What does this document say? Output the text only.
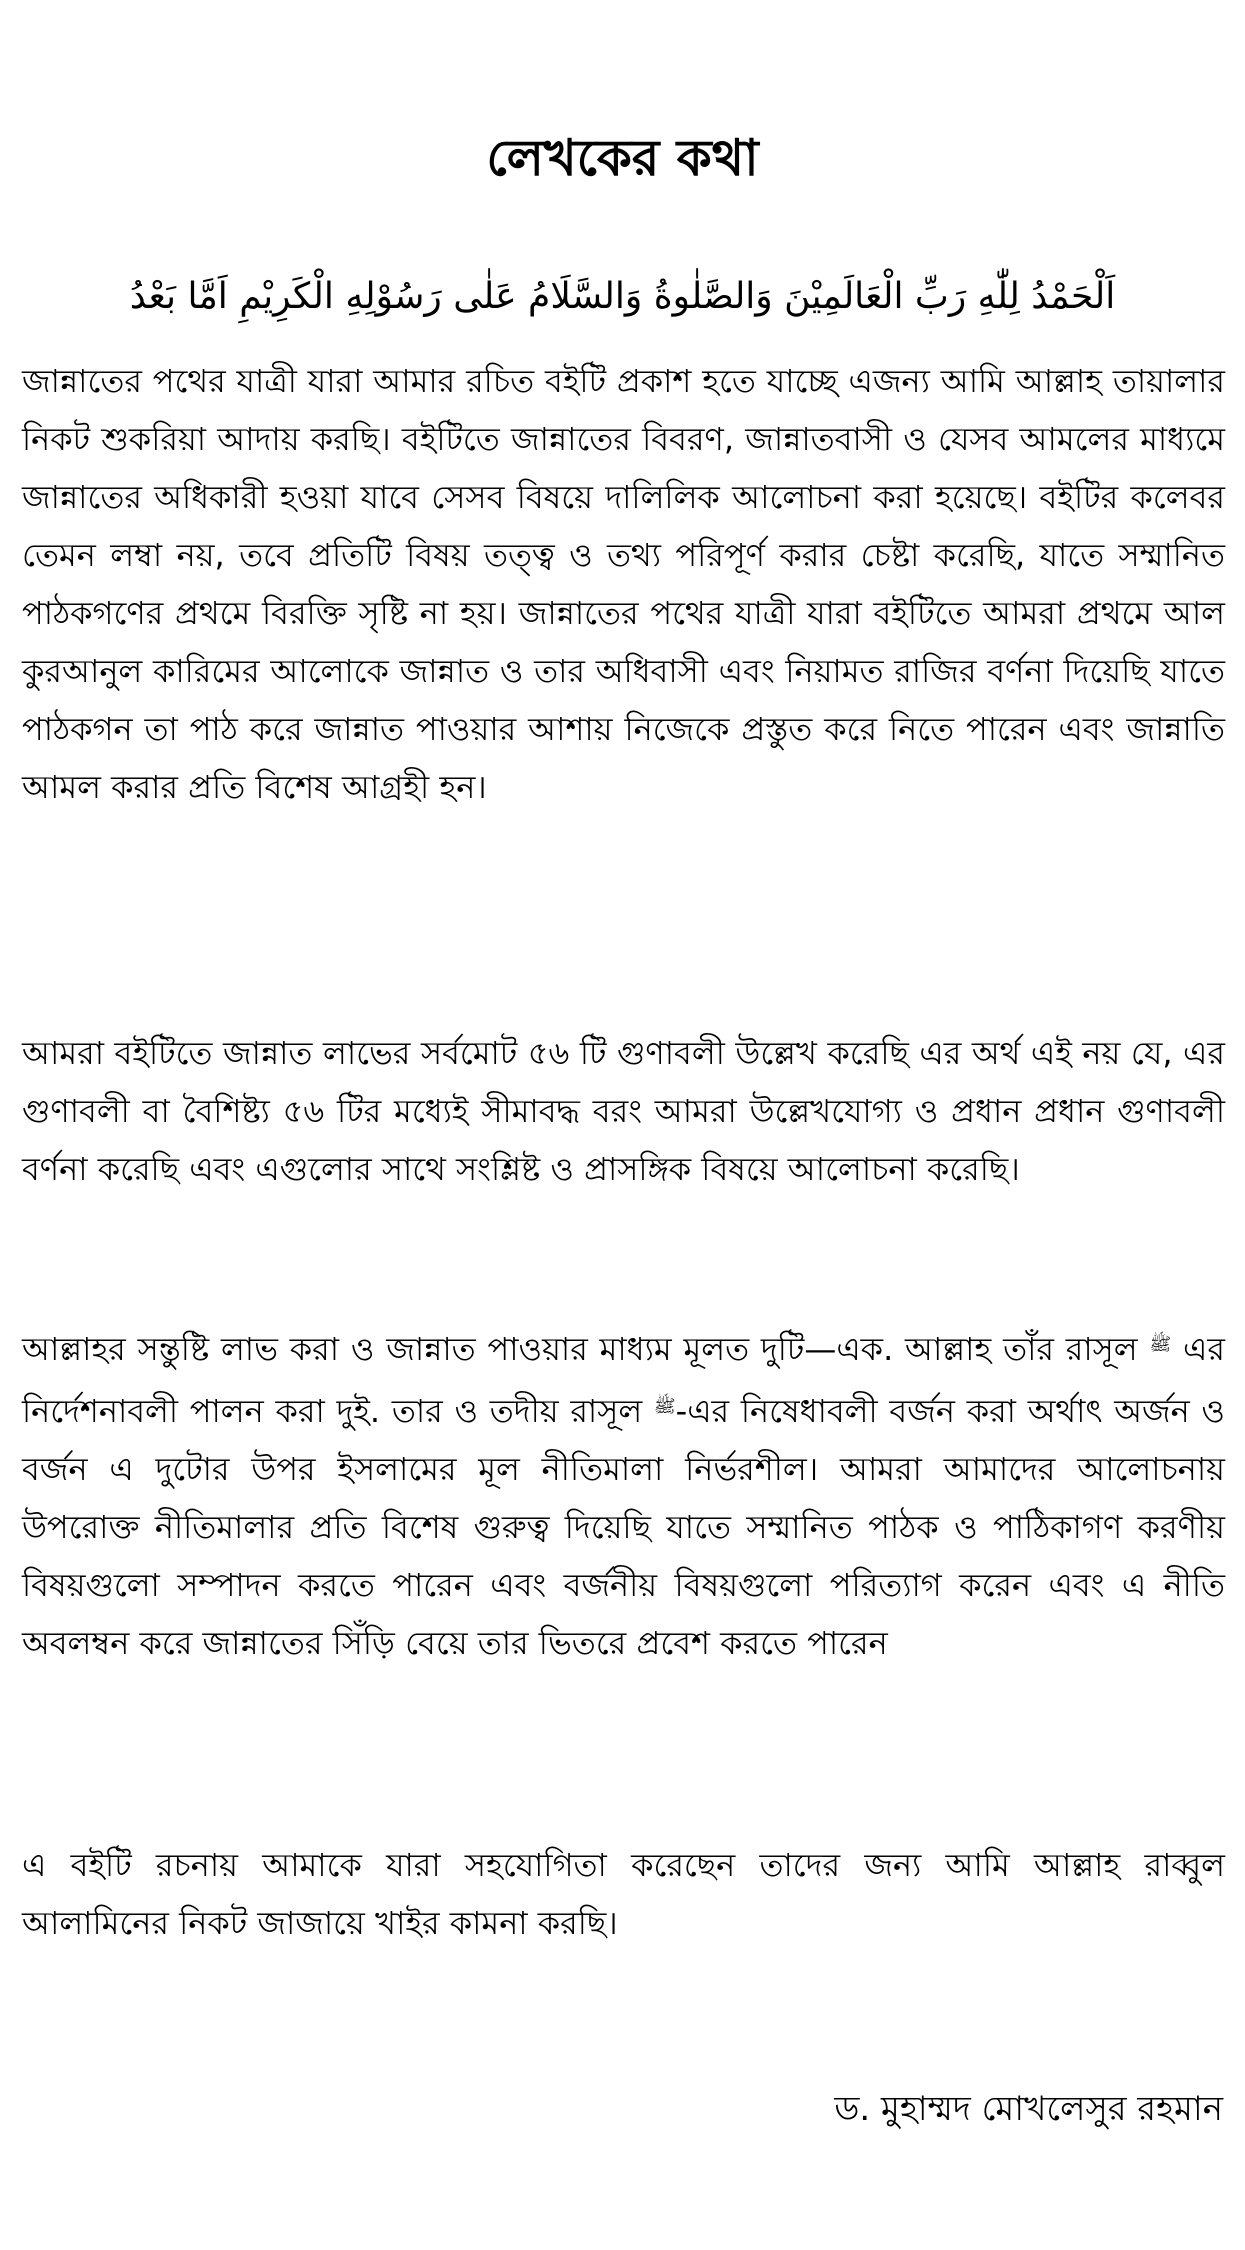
লেখকের কথা

اَلْحَمْدُ لِلّٰهِ رَبِّ الْعَالَمِيْنَ وَالصَّلٰوةُ وَالسَّلَامُ عَلٰى رَسُوْلِهِ الْكَرِيْمِ اَمَّا بَعْدُ

জান্নাতের পথের যাত্রী যারা আমার রচিত বইটি প্রকাশ হতে যাচ্ছে এজন্য আমি আল্লাহ তায়ালার নিকট শুকরিয়া আদায় করছি। বইটিতে জান্নাতের বিবরণ, জান্নাতবাসী ও যেসব আমলের মাধ্যমে জান্নাতের অধিকারী হওয়া যাবে সেসব বিষয়ে দালিলিক আলোচনা করা হয়েছে। বইটির কলেবর তেমন লম্বা নয়, তবে প্রতিটি বিষয় তত্ত্ব ও তথ্য পরিপূর্ণ করার চেষ্টা করেছি, যাতে সম্মানিত পাঠকগণের প্রথমে বিরক্তি সৃষ্টি না হয়। জান্নাতের পথের যাত্রী যারা বইটিতে আমরা প্রথমে আল কুরআনুল কারিমের আলোকে জান্নাত ও তার অধিবাসী এবং নিয়ামত রাজির বর্ণনা দিয়েছি যাতে পাঠকগন তা পাঠ করে জান্নাত পাওয়ার আশায় নিজেকে প্রস্তুত করে নিতে পারেন এবং জান্নাতি আমল করার প্রতি বিশেষ আগ্রহী হন।

আমরা বইটিতে জান্নাত লাভের সর্বমোট ৫৬ টি গুণাবলী উল্লেখ করেছি এর অর্থ এই নয় যে, এর গুণাবলী বা বৈশিষ্ট্য ৫৬ টির মধ্যেই সীমাবদ্ধ বরং আমরা উল্লেখযোগ্য ও প্রধান প্রধান গুণাবলী বর্ণনা করেছি এবং এগুলোর সাথে সংশ্লিষ্ট ও প্রাসঙ্গিক বিষয়ে আলোচনা করেছি।

আল্লাহর সন্তুষ্টি লাভ করা ও জান্নাত পাওয়ার মাধ্যম মূলত দুটি—এক. আল্লাহ তাঁর রাসূল $^ﷺ$ এর নির্দেশনাবলী পালন করা দুই. তার ও তদীয় রাসূল $^ﷺ$-এর নিষেধাবলী বর্জন করা অর্থাৎ অর্জন ও বর্জন এ দুটোর উপর ইসলামের মূল নীতিমালা নির্ভরশীল। আমরা আমাদের আলোচনায় উপরোক্ত নীতিমালার প্রতি বিশেষ গুরুত্ব দিয়েছি যাতে সম্মানিত পাঠক ও পাঠিকাগণ করণীয় বিষয়গুলো সম্পাদন করতে পারেন এবং বর্জনীয় বিষয়গুলো পরিত্যাগ করেন এবং এ নীতি অবলম্বন করে জান্নাতের সিঁড়ি বেয়ে তার ভিতরে প্রবেশ করতে পারেন

এ বইটি রচনায় আমাকে যারা সহযোগিতা করেছেন তাদের জন্য আমি আল্লাহ রাব্বুল আলামিনের নিকট জাজায়ে খাইর কামনা করছি।

ড. মুহাম্মদ মোখলেসুর রহমান
